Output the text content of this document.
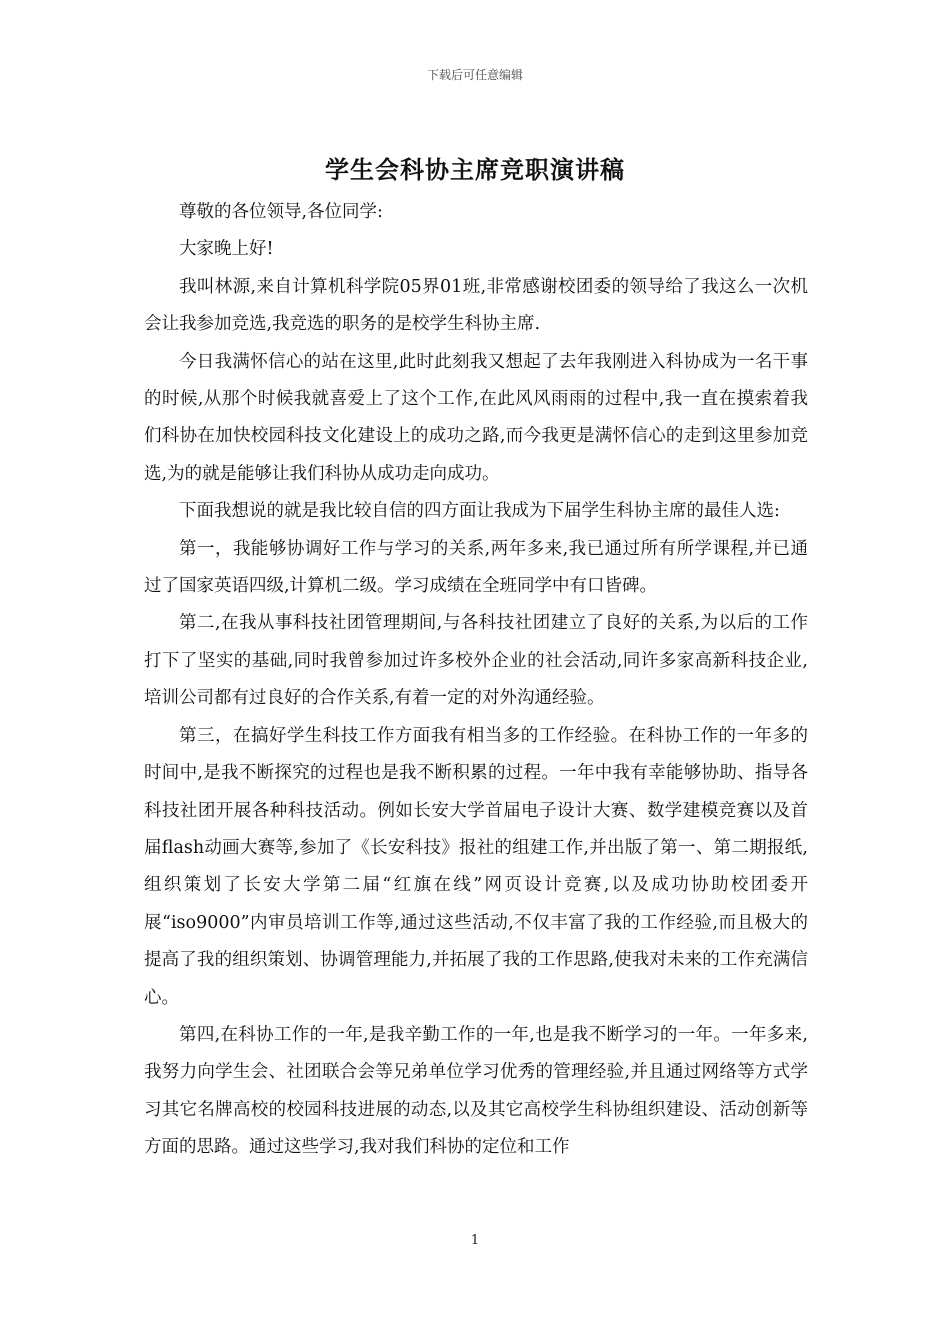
下载后可任意编辑
学生会科协主席竞职演讲稿

尊敬的各位领导,各位同学:

大家晚上好!

我叫林源,来自计算机科学院05界01班,非常感谢校团委的领导给了我这么一次机会让我参加竞选,我竞选的职务的是校学生科协主席.

今日我满怀信心的站在这里,此时此刻我又想起了去年我刚进入科协成为一名干事的时候,从那个时候我就喜爱上了这个工作,在此风风雨雨的过程中,我一直在摸索着我们科协在加快校园科技文化建设上的成功之路,而今我更是满怀信心的走到这里参加竞选,为的就是能够让我们科协从成功走向成功。

下面我想说的就是我比较自信的四方面让我成为下届学生科协主席的最佳人选:

第一，我能够协调好工作与学习的关系,两年多来,我已通过所有所学课程,并已通过了国家英语四级,计算机二级。学习成绩在全班同学中有口皆碑。

第二,在我从事科技社团管理期间,与各科技社团建立了良好的关系,为以后的工作打下了坚实的基础,同时我曾参加过许多校外企业的社会活动,同许多家高新科技企业,培训公司都有过良好的合作关系,有着一定的对外沟通经验。

第三，在搞好学生科技工作方面我有相当多的工作经验。在科协工作的一年多的时间中,是我不断探究的过程也是我不断积累的过程。一年中我有幸能够协助、指导各科技社团开展各种科技活动。例如长安大学首届电子设计大赛、数学建模竞赛以及首届flash动画大赛等,参加了《长安科技》报社的组建工作,并出版了第一、第二期报纸,组织策划了长安大学第二届“红旗在线”网页设计竞赛,以及成功协助校团委开展“iso9000”内审员培训工作等,通过这些活动,不仅丰富了我的工作经验,而且极大的提高了我的组织策划、协调管理能力,并拓展了我的工作思路,使我对未来的工作充满信心。

第四,在科协工作的一年,是我辛勤工作的一年,也是我不断学习的一年。一年多来,我努力向学生会、社团联合会等兄弟单位学习优秀的管理经验,并且通过网络等方式学习其它名牌高校的校园科技进展的动态,以及其它高校学生科协组织建设、活动创新等方面的思路。通过这些学习,我对我们科协的定位和工作

1
